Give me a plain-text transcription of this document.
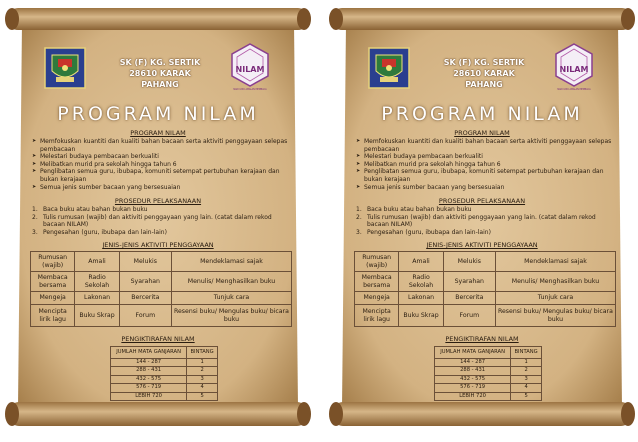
NILAM
NADI ILMU AMALAN MEMBACA
SK (F) KG. SERTIK
28610 KARAK
PAHANG
PROGRAM NILAM
PROGRAM NILAM
➤ Memfokuskan kuantiti dan kualiti bahan bacaan serta aktiviti penggayaan selepas pembacaan
➤ Melestari budaya pembacaan berkualiti
➤ Melibatkan murid pra sekolah hingga tahun 6
➤ Penglibatan semua guru, ibubapa, komuniti setempat pertubuhan kerajaan dan bukan kerajaan
➤ Semua jenis sumber bacaan yang bersesuaian
PROSEDUR PELAKSANAAN
1. Baca buku atau bahan bukan buku
2. Tulis rumusan (wajib) dan aktiviti penggayaan yang lain. (catat dalam rekod bacaan NILAM)
3. Pengesahan (guru, ibubapa dan lain-lain)
JENIS-JENIS AKTIVITI PENGGAYAAN
Rumusan (wajib)	Amali	Melukis	Mendeklamasi sajak
Membaca bersama	Radio Sekolah	Syarahan	Menulis/ Menghasilkan buku
Mengeja	Lakonan	Bercerita	Tunjuk cara
Mencipta lirik lagu	Buku Skrap	Forum	Resensi buku/ Mengulas buku/ bicara buku
PENGIKTIRAFAN NILAM
JUMLAH MATA GANJARAN	BINTANG
144 - 287	1
288 - 431	2
432 - 575	3
576 - 719	4
LEBIH 720	5
NILAM
NADI ILMU AMALAN MEMBACA
SK (F) KG. SERTIK
28610 KARAK
PAHANG
PROGRAM NILAM
PROGRAM NILAM
➤ Memfokuskan kuantiti dan kualiti bahan bacaan serta aktiviti penggayaan selepas pembacaan
➤ Melestari budaya pembacaan berkualiti
➤ Melibatkan murid pra sekolah hingga tahun 6
➤ Penglibatan semua guru, ibubapa, komuniti setempat pertubuhan kerajaan dan bukan kerajaan
➤ Semua jenis sumber bacaan yang bersesuaian
PROSEDUR PELAKSANAAN
1. Baca buku atau bahan bukan buku
2. Tulis rumusan (wajib) dan aktiviti penggayaan yang lain. (catat dalam rekod bacaan NILAM)
3. Pengesahan (guru, ibubapa dan lain-lain)
JENIS-JENIS AKTIVITI PENGGAYAAN
Rumusan (wajib)	Amali	Melukis	Mendeklamasi sajak
Membaca bersama	Radio Sekolah	Syarahan	Menulis/ Menghasilkan buku
Mengeja	Lakonan	Bercerita	Tunjuk cara
Mencipta lirik lagu	Buku Skrap	Forum	Resensi buku/ Mengulas buku/ bicara buku
PENGIKTIRAFAN NILAM
JUMLAH MATA GANJARAN	BINTANG
144 - 287	1
288 - 431	2
432 - 575	3
576 - 719	4
LEBIH 720	5
